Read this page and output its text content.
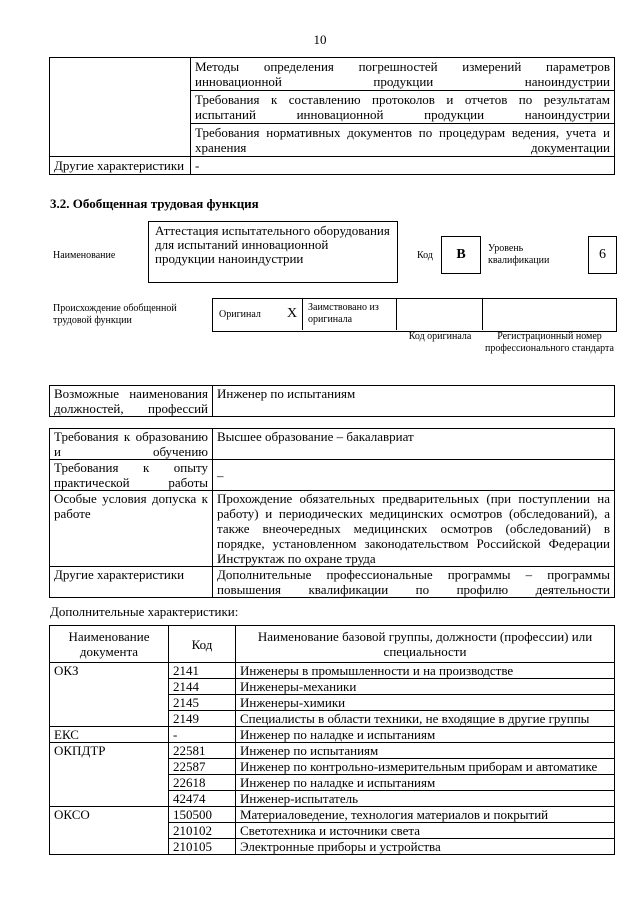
10
	Методы определения погрешностей измерений параметров инновационной продукции наноиндустрии
	Требования к составлению протоколов и отчетов по результатам испытаний инновационной продукции наноиндустрии
	Требования нормативных документов по процедурам ведения, учета и хранения документации
Другие характеристики	-
3.2. Обобщенная трудовая функция
Наименование
Аттестация испытательного оборудования для испытаний инновационной продукции наноиндустрии	Код	B	Уровень квалификации	6
Происхождение обобщенной трудовой функции
Оригинал X Заимствовано из оригинала
Код оригинала	Регистрационный номер профессионального стандарта
Возможные наименования должностей, профессий	Инженер по испытаниям
Требования к образованию и обучению	Высшее образование – бакалавриат
Требования к опыту практической работы	–
Особые условия допуска к работе	Прохождение обязательных предварительных (при поступлении на работу) и периодических медицинских осмотров (обследований), а также внеочередных медицинских осмотров (обследований) в порядке, установленном законодательством Российской Федерации
Инструктаж по охране труда

Другие характеристики	Дополнительные профессиональные программы – программы повышения квалификации по профилю деятельности
Дополнительные характеристики:
Наименование документа	Код	Наименование базовой группы, должности (профессии) или специальности
ОКЗ	2141	Инженеры в промышленности и на производстве
	2144	Инженеры-механики
	2145	Инженеры-химики
	2149	Специалисты в области техники, не входящие в другие группы
ЕКС	-	Инженер по наладке и испытаниям
ОКПДТР	22581	Инженер по испытаниям
	22587	Инженер по контрольно-измерительным приборам и автоматике
	22618	Инженер по наладке и испытаниям
	42474	Инженер-испытатель
ОКСО	150500	Материаловедение, технология материалов и покрытий
	210102	Светотехника и источники света
	210105	Электронные приборы и устройства
